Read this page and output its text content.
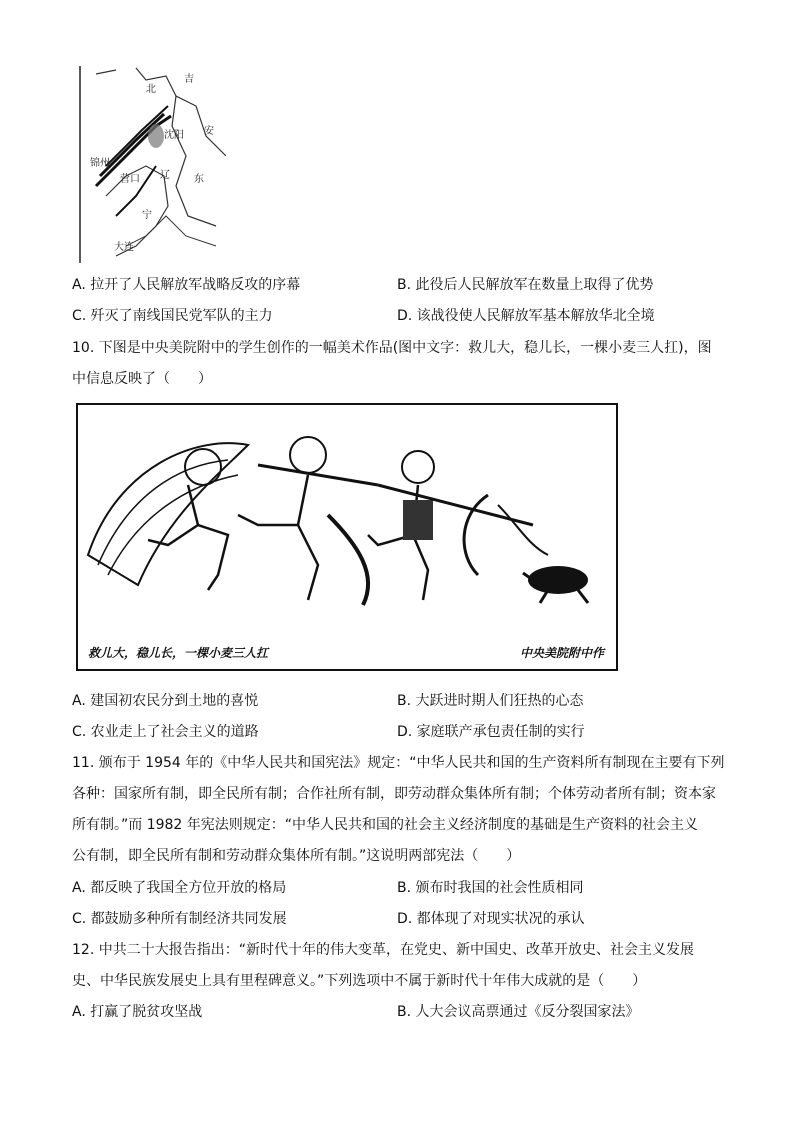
北
沈阳
锦州
营口 辽
安
东
宁
大连
吉
A. 拉开了人民解放军战略反攻的序幕	B. 此役后人民解放军在数量上取得了优势
C. 歼灭了南线国民党军队的主力	D. 该战役使人民解放军基本解放华北全境
10. 下图是中央美院附中的学生创作的一幅美术作品(图中文字：救儿大，稳儿长，一棵小麦三人扛)，图
中信息反映了（　　）
救儿大，稳儿长，一棵小麦三人扛	中央美院附中作
A. 建国初农民分到土地的喜悦	B. 大跃进时期人们狂热的心态
C. 农业走上了社会主义的道路	D. 家庭联产承包责任制的实行
11. 颁布于 1954 年的《中华人民共和国宪法》规定：“中华人民共和国的生产资料所有制现在主要有下列
各种：国家所有制，即全民所有制；合作社所有制，即劳动群众集体所有制；个体劳动者所有制；资本家
所有制。”而 1982 年宪法则规定：“中华人民共和国的社会主义经济制度的基础是生产资料的社会主义
公有制，即全民所有制和劳动群众集体所有制。”这说明两部宪法（　　）
A. 都反映了我国全方位开放的格局	B. 颁布时我国的社会性质相同
C. 都鼓励多种所有制经济共同发展	D. 都体现了对现实状况的承认
12. 中共二十大报告指出：“新时代十年的伟大变革，在党史、新中国史、改革开放史、社会主义发展
史、中华民族发展史上具有里程碑意义。”下列选项中不属于新时代十年伟大成就的是（　　）
A. 打赢了脱贫攻坚战	B. 人大会议高票通过《反分裂国家法》
